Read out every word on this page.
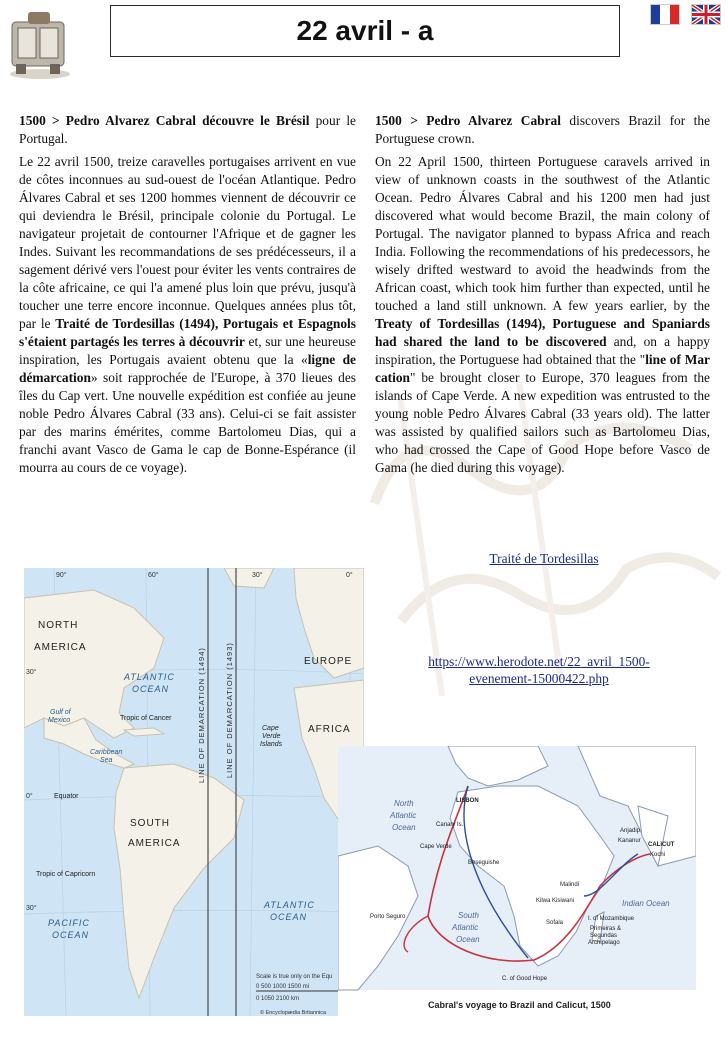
22 avril - a

1500 > Pedro Alvarez Cabral découvre le Brésil pour le Portugal.

Le 22 avril 1500, treize caravelles portugaises arrivent en vue de côtes inconnues au sud-ouest de l'océan Atlantique. Pedro Álvares Cabral et ses 1200 hommes viennent de découvrir ce qui deviendra le Brésil, principale colonie du Portugal. Le navigateur projetait de contourner l'Afrique et de gagner les Indes. Suivant les recommandations de ses prédécesseurs, il a sagement dérivé vers l'ouest pour éviter les vents contraires de la côte africaine, ce qui l'a amené plus loin que prévu, jusqu'à toucher une terre encore inconnue. Quelques années plus tôt, par le Traité de Tordesillas (1494), Portugais et Espagnols s'étaient partagés les terres à découvrir et, sur une heureuse inspiration, les Portugais avaient obtenu que la «ligne de démarcation» soit rapprochée de l'Europe, à 370 lieues des îles du Cap vert. Une nouvelle expédition est confiée au jeune noble Pedro Álvares Cabral (33 ans). Celui-ci se fait assister par des marins émérites, comme Bartolomeu Dias, qui a franchi avant Vasco de Gama le cap de Bonne-Espérance (il mourra au cours de ce voyage).

1500 > Pedro Alvarez Cabral discovers Brazil for the Portuguese crown.

On 22 April 1500, thirteen Portuguese caravels arrived in view of unknown coasts in the southwest of the Atlantic Ocean. Pedro Álvares Cabral and his 1200 men had just discovered what would become Brazil, the main colony of Portugal. The navigator planned to bypass Africa and reach India. Following the recommendations of his predecessors, he wisely drifted westward to avoid the headwinds from the African coast, which took him further than expected, until he touched a land still unknown. A few years earlier, by the Treaty of Tordesillas (1494), Portuguese and Spaniards had shared the land to be discovered and, on a happy inspiration, the Portuguese had obtained that the "line of Mar cation" be brought closer to Europe, 370 leagues from the islands of Cape Verde. A new expedition was entrusted to the young noble Pedro Álvares Cabral (33 years old). The latter was assisted by qualified sailors such as Bartolomeu Dias, who had crossed the Cape of Good Hope before Vasco de Gama (he died during this voyage).

Traité de Tordesillas
https://www.herodote.net/22_avril_1500-
evenement-15000422.php
LINE OF DEMARCATION (1494)	LINE OF DEMARCATION (1493)
90°	60°	30°	0°
30°
0°
30°
NORTH
AMERICA
EUROPE
AFRICA
ATLANTIC
OCEAN
Gulf of
Mexico	Tropic of Cancer
Caribbean
Sea
Cape
Verde
Islands
Equator
SOUTH
AMERICA
Tropic of Capricorn
PACIFIC
OCEAN
ATLANTIC
OCEAN
Scale is true only on the Equ
0 500 1000 1500 mi
0 1050 2100 km
© Encyclopædia Britannica
North
Atlantic
Ocean
LISBON
Canary Is.
Cape Verde
Beseguishe
Porto Seguro	South
Atlantic
Ocean
C. of Good Hope
Anjadip
Kananur
CALICUT
Kochi
Malindi
Kilwa Kisiwani
I. of Mozambique
Sofala
Primeiras &
Segundas
Archipelago
Indian Ocean
Cabral's voyage to Brazil and Calicut, 1500
